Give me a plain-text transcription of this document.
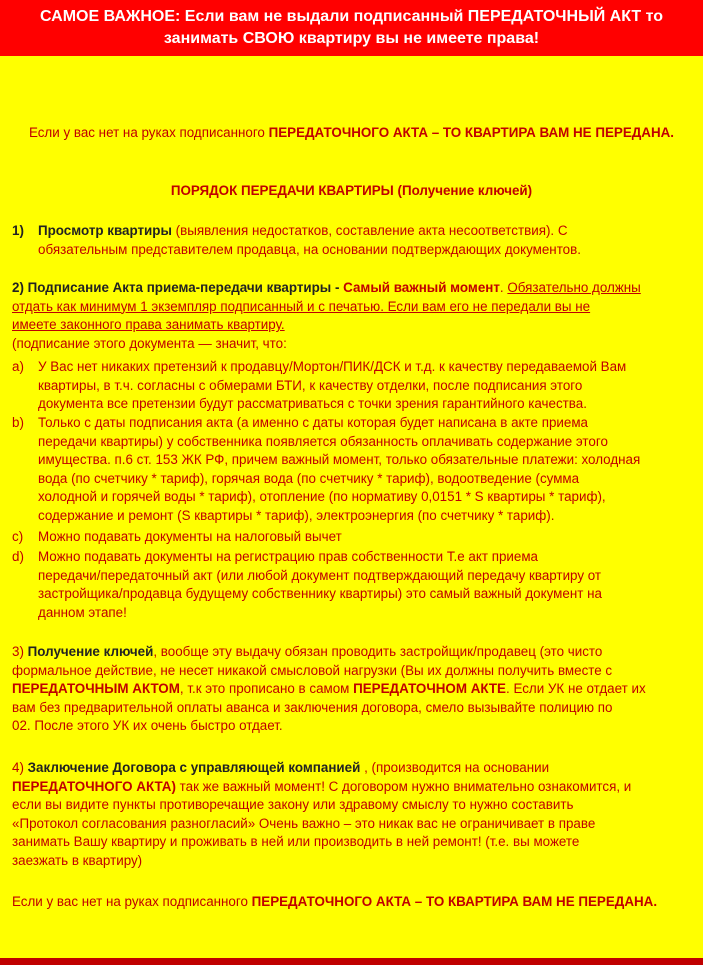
САМОЕ ВАЖНОЕ: Если вам не выдали подписанный ПЕРЕДАТОЧНЫЙ АКТ то
занимать СВОЮ квартиру вы не имеете права!
Если у вас нет на руках подписанного ПЕРЕДАТОЧНОГО АКТА – ТО КВАРТИРА ВАМ НЕ ПЕРЕДАНА.
ПОРЯДОК ПЕРЕДАЧИ КВАРТИРЫ (Получение ключей)
1) Просмотр квартиры (выявления недостатков, составление акта несоответствия). С
обязательным представителем продавца, на основании подтверждающих документов.
2) Подписание Акта приема-передачи квартиры - Самый важный момент. Обязательно должны
отдать как минимум 1 экземпляр подписанный и с печатью. Если вам его не передали вы не
имеете законного права занимать квартиру.
(подписание этого документа — значит, что:
a) У Вас нет никаких претензий к продавцу/Мортон/ПИК/ДСК и т.д. к качеству передаваемой Вам
квартиры, в т.ч. согласны с обмерами БТИ, к качеству отделки, после подписания этого
документа все претензии будут рассматриваться с точки зрения гарантийного качества.
b) Только с даты подписания акта (а именно с даты которая будет написана в акте приема
передачи квартиры) у собственника появляется обязанность оплачивать содержание этого
имущества. п.6 ст. 153 ЖК РФ, причем важный момент, только обязательные платежи: холодная
вода (по счетчику * тариф), горячая вода (по счетчику * тариф), водоотведение (сумма
холодной и горячей воды * тариф), отопление (по нормативу 0,0151 * S квартиры * тариф),
содержание и ремонт (S квартиры * тариф), электроэнергия (по счетчику * тариф).
c) Можно подавать документы на налоговый вычет
d) Можно подавать документы на регистрацию прав собственности Т.е акт приема
передачи/передаточный акт (или любой документ подтверждающий передачу квартиру от
застройщика/продавца будущему собственнику квартиры) это самый важный документ на
данном этапе!
3) Получение ключей, вообще эту выдачу обязан проводить застройщик/продавец (это чисто
формальное действие, не несет никакой смысловой нагрузки (Вы их должны получить вместе с
ПЕРЕДАТОЧНЫМ АКТОМ, т.к это прописано в самом ПЕРЕДАТОЧНОМ АКТЕ. Если УК не отдает их
вам без предварительной оплаты аванса и заключения договора, смело вызывайте полицию по
02. После этого УК их очень быстро отдает.
4) Заключение Договора с управляющей компанией , (производится на основании
ПЕРЕДАТОЧНОГО АКТА) так же важный момент! С договором нужно внимательно ознакомится, и
если вы видите пункты противоречащие закону или здравому смыслу то нужно составить
«Протокол согласования разногласий» Очень важно – это никак вас не ограничивает в праве
занимать Вашу квартиру и проживать в ней или производить в ней ремонт! (т.е. вы можете
заезжать в квартиру)
Если у вас нет на руках подписанного ПЕРЕДАТОЧНОГО АКТА – ТО КВАРТИРА ВАМ НЕ ПЕРЕДАНА.
